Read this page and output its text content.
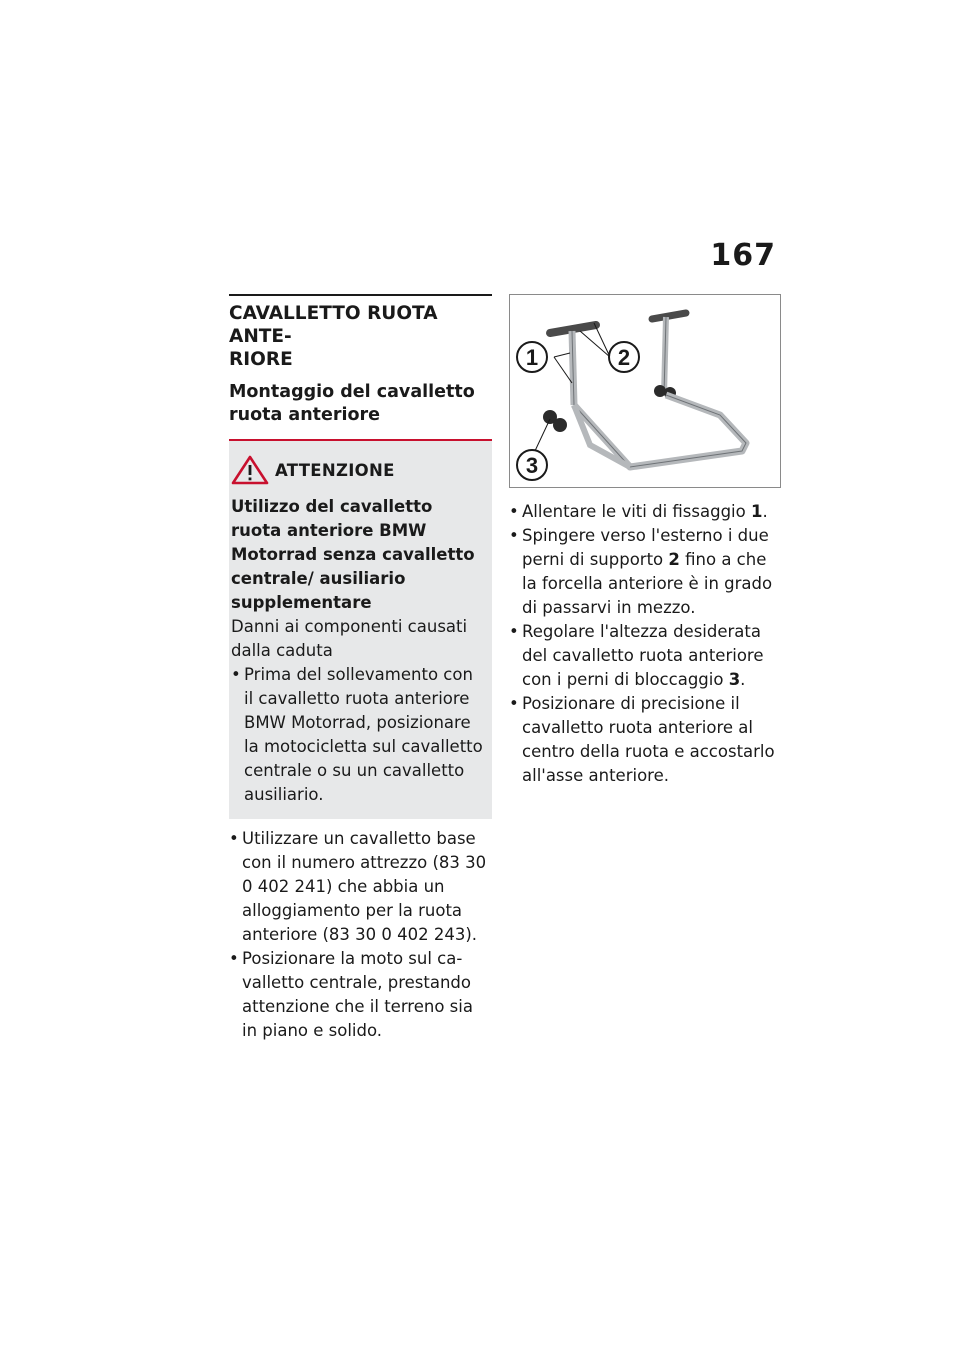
167
CAVALLETTO RUOTA ANTE-
RIORE
Montaggio del cavalletto ruota anteriore
ATTENZIONE
Utilizzo del cavalletto ruota anteriore BMW Motorrad senza cavalletto centrale/ ausiliario supplementare
Danni ai componenti causati dalla caduta
• Prima del sollevamento con il cavalletto ruota anteriore BMW Motorrad, posizionare la motocicletta sul cavalletto centrale o su un cavalletto ausiliario.
• Utilizzare un cavalletto base con il numero attrezzo (83 30 0 402 241) che abbia un alloggiamento per la ruota anteriore (83 30 0 402 243).
• Posizionare la moto sul ca-valletto centrale, prestando attenzione che il terreno sia in piano e solido.
1	2
3
• Allentare le viti di fissaggio 1.
• Spingere verso l'esterno i due perni di supporto 2 fino a che la forcella anteriore è in grado di passarvi in mezzo.
• Regolare l'altezza desiderata del cavalletto ruota anteriore con i perni di bloccaggio 3.
• Posizionare di precisione il cavalletto ruota anteriore al centro della ruota e accostarlo all'asse anteriore.
